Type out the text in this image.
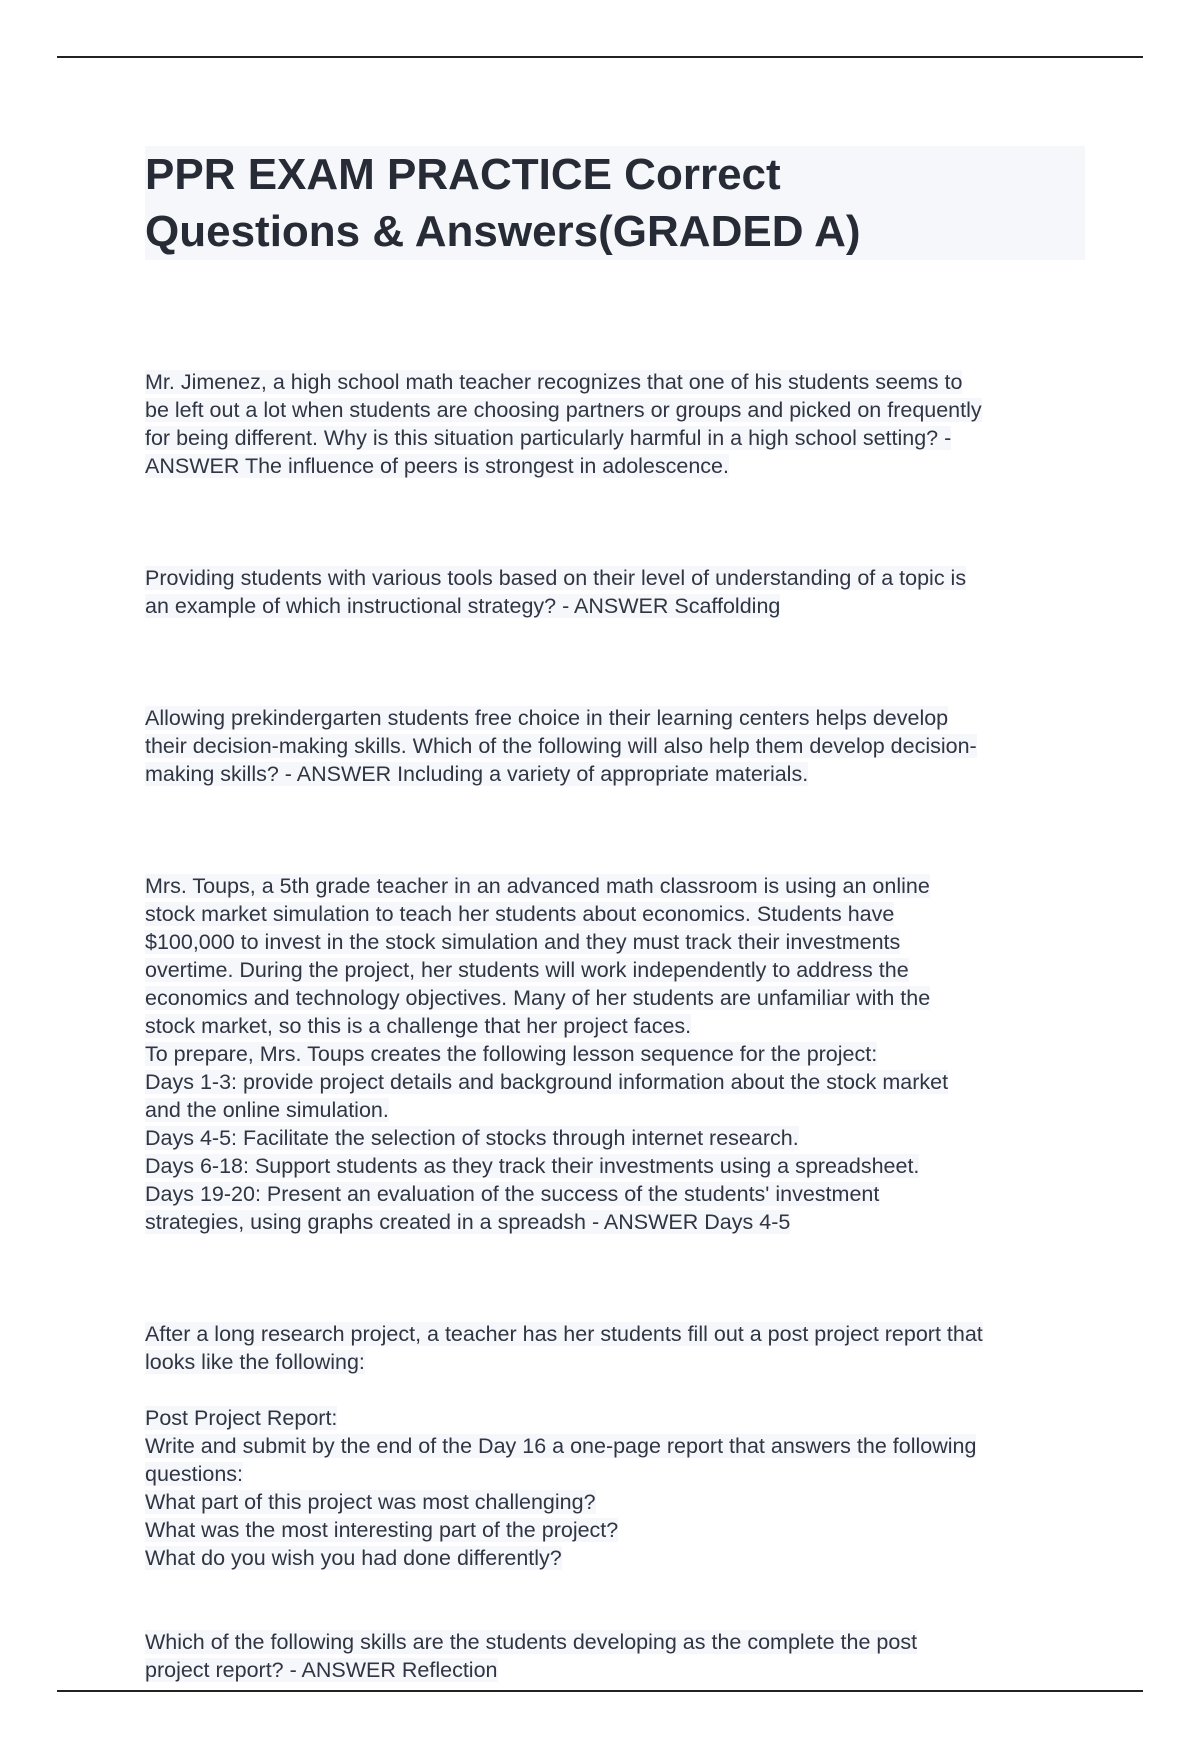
PPR EXAM PRACTICE Correct
Questions & Answers(GRADED A)

Mr. Jimenez, a high school math teacher recognizes that one of his students seems to
be left out a lot when students are choosing partners or groups and picked on frequently
for being different. Why is this situation particularly harmful in a high school setting? -
ANSWER The influence of peers is strongest in adolescence.

Providing students with various tools based on their level of understanding of a topic is
an example of which instructional strategy? - ANSWER Scaffolding

Allowing prekindergarten students free choice in their learning centers helps develop
their decision-making skills. Which of the following will also help them develop decision-
making skills? - ANSWER Including a variety of appropriate materials.

Mrs. Toups, a 5th grade teacher in an advanced math classroom is using an online
stock market simulation to teach her students about economics. Students have
$100,000 to invest in the stock simulation and they must track their investments
overtime. During the project, her students will work independently to address the
economics and technology objectives. Many of her students are unfamiliar with the
stock market, so this is a challenge that her project faces.
To prepare, Mrs. Toups creates the following lesson sequence for the project:
Days 1-3: provide project details and background information about the stock market
and the online simulation.
Days 4-5: Facilitate the selection of stocks through internet research.
Days 6-18: Support students as they track their investments using a spreadsheet.
Days 19-20: Present an evaluation of the success of the students' investment
strategies, using graphs created in a spreadsh - ANSWER Days 4-5

After a long research project, a teacher has her students fill out a post project report that
looks like the following:

Post Project Report:
Write and submit by the end of the Day 16 a one-page report that answers the following
questions:
What part of this project was most challenging?
What was the most interesting part of the project?
What do you wish you had done differently?

Which of the following skills are the students developing as the complete the post
project report? - ANSWER Reflection
